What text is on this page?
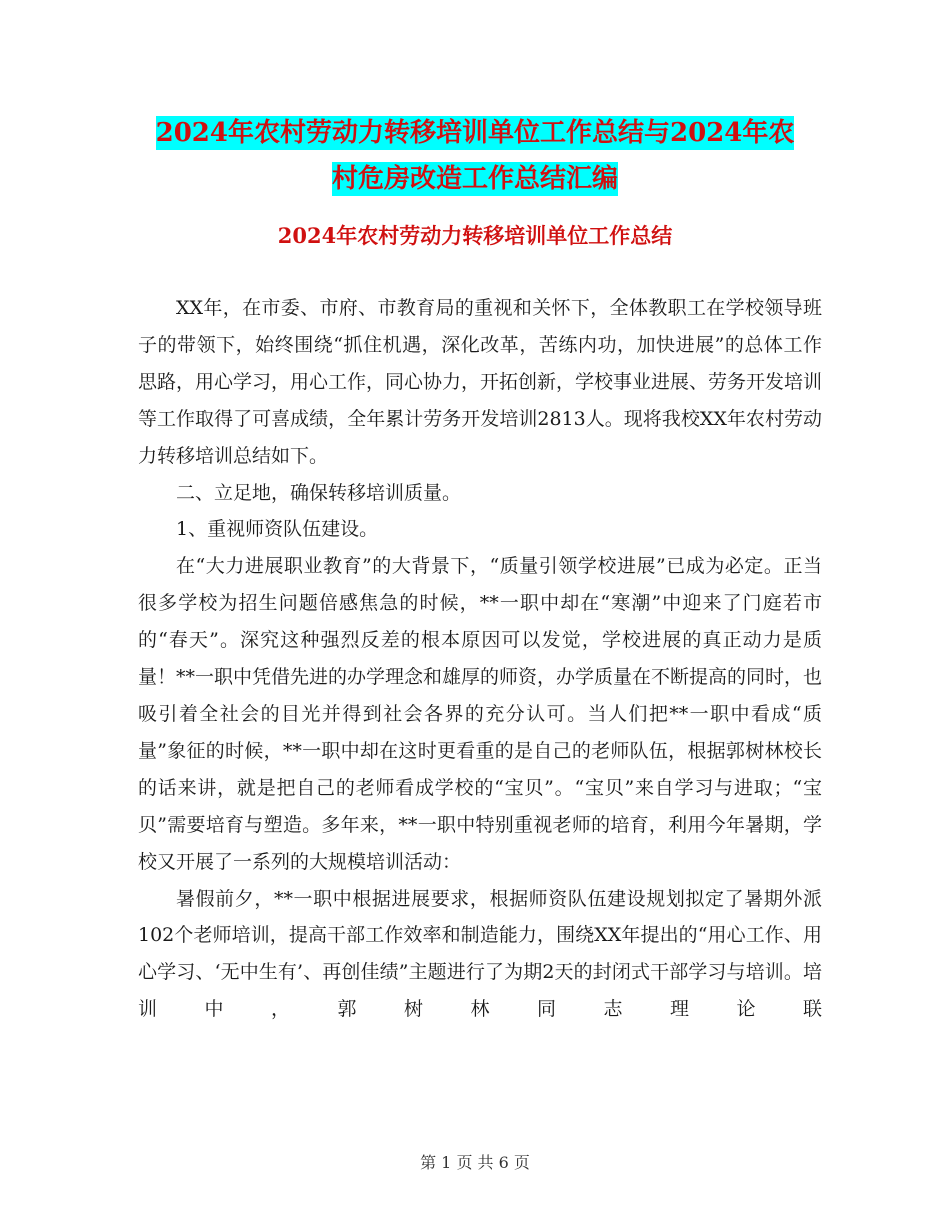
2024年农村劳动力转移培训单位工作总结与2024年农
村危房改造工作总结汇编
2024年农村劳动力转移培训单位工作总结

XX年，在市委、市府、市教育局的重视和关怀下，全体教职工在学校领导班子的带领下，始终围绕“抓住机遇，深化改革，苦练内功，加快进展”的总体工作思路，用心学习，用心工作，同心协力，开拓创新，学校事业进展、劳务开发培训等工作取得了可喜成绩，全年累计劳务开发培训2813人。现将我校XX年农村劳动力转移培训总结如下。

二、立足地，确保转移培训质量。

1、重视师资队伍建设。

在“大力进展职业教育”的大背景下，“质量引领学校进展”已成为必定。正当很多学校为招生问题倍感焦急的时候，**一职中却在“寒潮”中迎来了门庭若市的“春天”。深究这种强烈反差的根本原因可以发觉，学校进展的真正动力是质量！**一职中凭借先进的办学理念和雄厚的师资，办学质量在不断提高的同时，也吸引着全社会的目光并得到社会各界的充分认可。当人们把**一职中看成“质量”象征的时候，**一职中却在这时更看重的是自己的老师队伍，根据郭树林校长的话来讲，就是把自己的老师看成学校的“宝贝”。“宝贝”来自学习与进取；“宝贝”需要培育与塑造。多年来，**一职中特别重视老师的培育，利用今年暑期，学校又开展了一系列的大规模培训活动：

暑假前夕，**一职中根据进展要求，根据师资队伍建设规划拟定了暑期外派102个老师培训，提高干部工作效率和制造能力，围绕XX年提出的“用心工作、用心学习、‘无中生有’、再创佳绩”主题进行了为期2天的封闭式干部学习与培训。培训中，郭树林同志理论联

第 1 页 共 6 页
